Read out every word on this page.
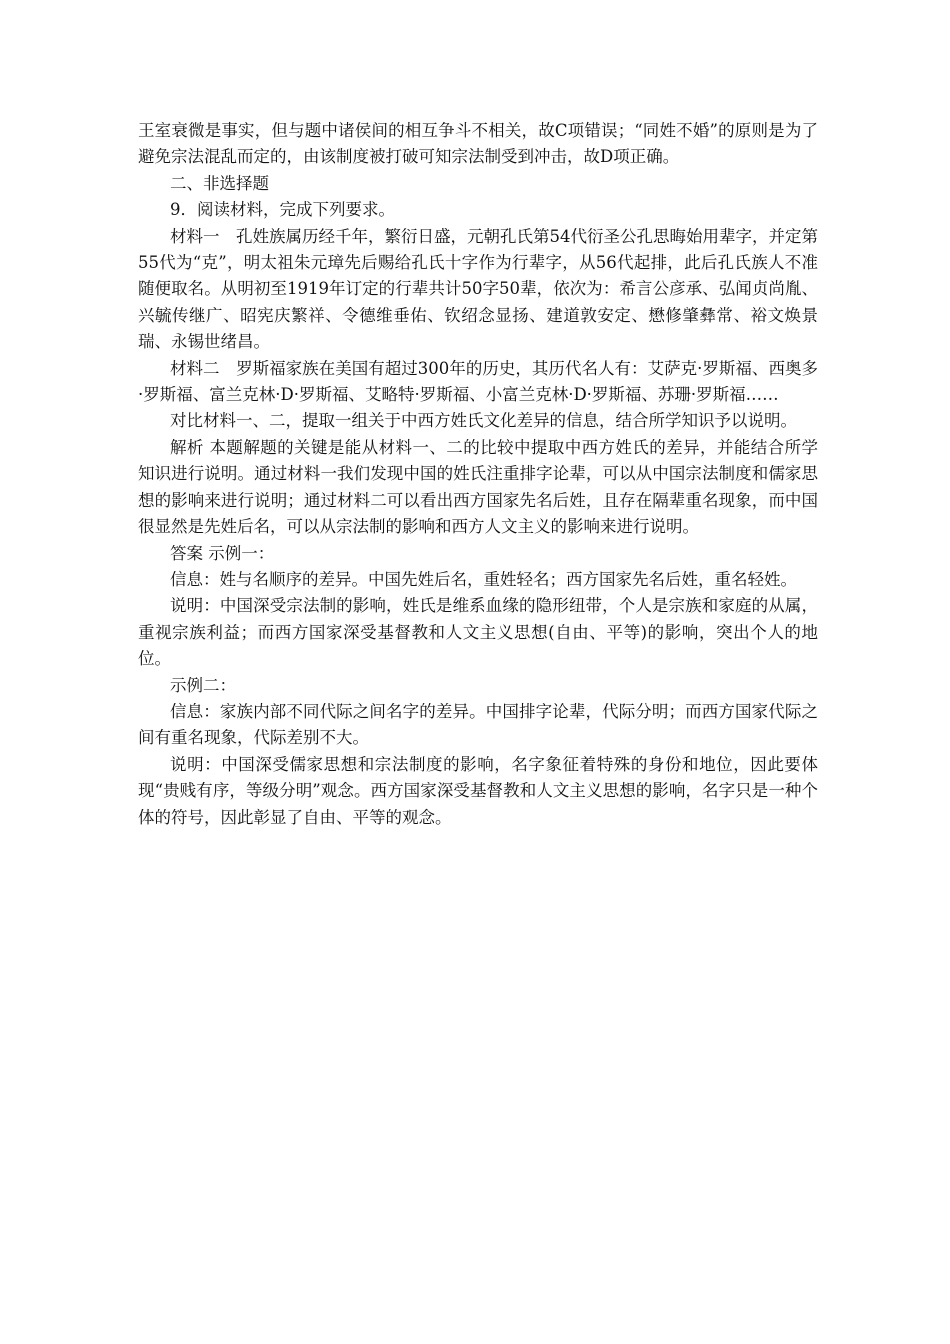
王室衰微是事实，但与题中诸侯间的相互争斗不相关，故C项错误；“同姓不婚”的原则是为了避免宗法混乱而定的，由该制度被打破可知宗法制受到冲击，故D项正确。

二、非选择题

9．阅读材料，完成下列要求。

材料一　孔姓族属历经千年，繁衍日盛，元朝孔氏第54代衍圣公孔思晦始用辈字，并定第55代为“克”，明太祖朱元璋先后赐给孔氏十字作为行辈字，从56代起排，此后孔氏族人不准随便取名。从明初至1919年订定的行辈共计50字50辈，依次为：希言公彦承、弘闻贞尚胤、兴毓传继广、昭宪庆繁祥、令德维垂佑、钦绍念显扬、建道敦安定、懋修肇彝常、裕文焕景瑞、永锡世绪昌。

材料二　罗斯福家族在美国有超过300年的历史，其历代名人有：艾萨克·罗斯福、西奥多·罗斯福、富兰克林·D·罗斯福、艾略特·罗斯福、小富兰克林·D·罗斯福、苏珊·罗斯福……

对比材料一、二，提取一组关于中西方姓氏文化差异的信息，结合所学知识予以说明。

解析 本题解题的关键是能从材料一、二的比较中提取中西方姓氏的差异，并能结合所学知识进行说明。通过材料一我们发现中国的姓氏注重排字论辈，可以从中国宗法制度和儒家思想的影响来进行说明；通过材料二可以看出西方国家先名后姓，且存在隔辈重名现象，而中国很显然是先姓后名，可以从宗法制的影响和西方人文主义的影响来进行说明。

答案 示例一：

信息：姓与名顺序的差异。中国先姓后名，重姓轻名；西方国家先名后姓，重名轻姓。

说明：中国深受宗法制的影响，姓氏是维系血缘的隐形纽带，个人是宗族和家庭的从属，重视宗族利益；而西方国家深受基督教和人文主义思想(自由、平等)的影响，突出个人的地位。

示例二：

信息：家族内部不同代际之间名字的差异。中国排字论辈，代际分明；而西方国家代际之间有重名现象，代际差别不大。

说明：中国深受儒家思想和宗法制度的影响，名字象征着特殊的身份和地位，因此要体现“贵贱有序，等级分明”观念。西方国家深受基督教和人文主义思想的影响，名字只是一种个体的符号，因此彰显了自由、平等的观念。
